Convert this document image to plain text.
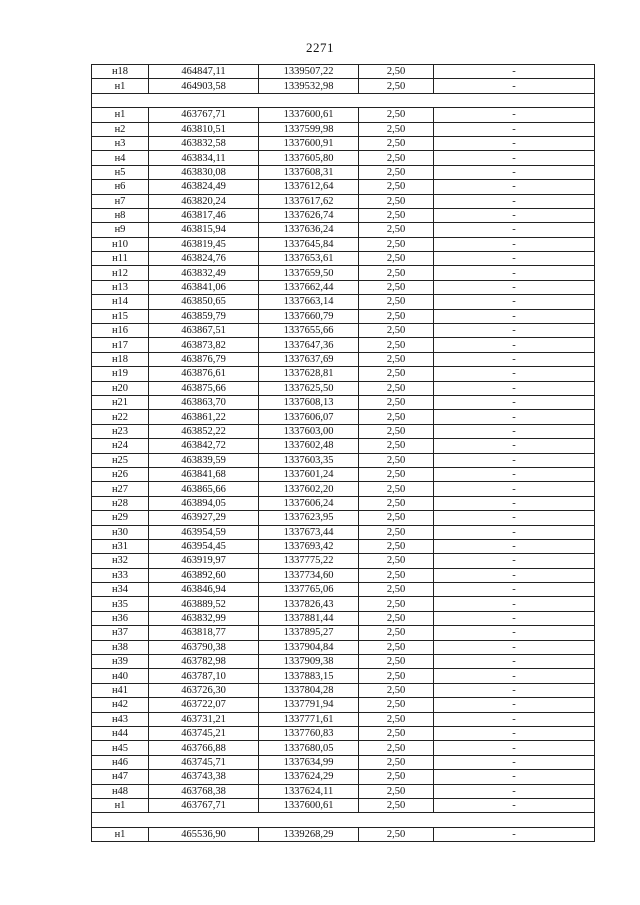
2271
н18	464847,11	1339507,22	2,50	-
н1	464903,58	1339532,98	2,50	-

н1	463767,71	1337600,61	2,50	-
н2	463810,51	1337599,98	2,50	-
н3	463832,58	1337600,91	2,50	-
н4	463834,11	1337605,80	2,50	-
н5	463830,08	1337608,31	2,50	-
н6	463824,49	1337612,64	2,50	-
н7	463820,24	1337617,62	2,50	-
н8	463817,46	1337626,74	2,50	-
н9	463815,94	1337636,24	2,50	-
н10	463819,45	1337645,84	2,50	-
н11	463824,76	1337653,61	2,50	-
н12	463832,49	1337659,50	2,50	-
н13	463841,06	1337662,44	2,50	-
н14	463850,65	1337663,14	2,50	-
н15	463859,79	1337660,79	2,50	-
н16	463867,51	1337655,66	2,50	-
н17	463873,82	1337647,36	2,50	-
н18	463876,79	1337637,69	2,50	-
н19	463876,61	1337628,81	2,50	-
н20	463875,66	1337625,50	2,50	-
н21	463863,70	1337608,13	2,50	-
н22	463861,22	1337606,07	2,50	-
н23	463852,22	1337603,00	2,50	-
н24	463842,72	1337602,48	2,50	-
н25	463839,59	1337603,35	2,50	-
н26	463841,68	1337601,24	2,50	-
н27	463865,66	1337602,20	2,50	-
н28	463894,05	1337606,24	2,50	-
н29	463927,29	1337623,95	2,50	-
н30	463954,59	1337673,44	2,50	-
н31	463954,45	1337693,42	2,50	-
н32	463919,97	1337775,22	2,50	-
н33	463892,60	1337734,60	2,50	-
н34	463846,94	1337765,06	2,50	-
н35	463889,52	1337826,43	2,50	-
н36	463832,99	1337881,44	2,50	-
н37	463818,77	1337895,27	2,50	-
н38	463790,38	1337904,84	2,50	-
н39	463782,98	1337909,38	2,50	-
н40	463787,10	1337883,15	2,50	-
н41	463726,30	1337804,28	2,50	-
н42	463722,07	1337791,94	2,50	-
н43	463731,21	1337771,61	2,50	-
н44	463745,21	1337760,83	2,50	-
н45	463766,88	1337680,05	2,50	-
н46	463745,71	1337634,99	2,50	-
н47	463743,38	1337624,29	2,50	-
н48	463768,38	1337624,11	2,50	-
н1	463767,71	1337600,61	2,50	-

н1	465536,90	1339268,29	2,50	-
